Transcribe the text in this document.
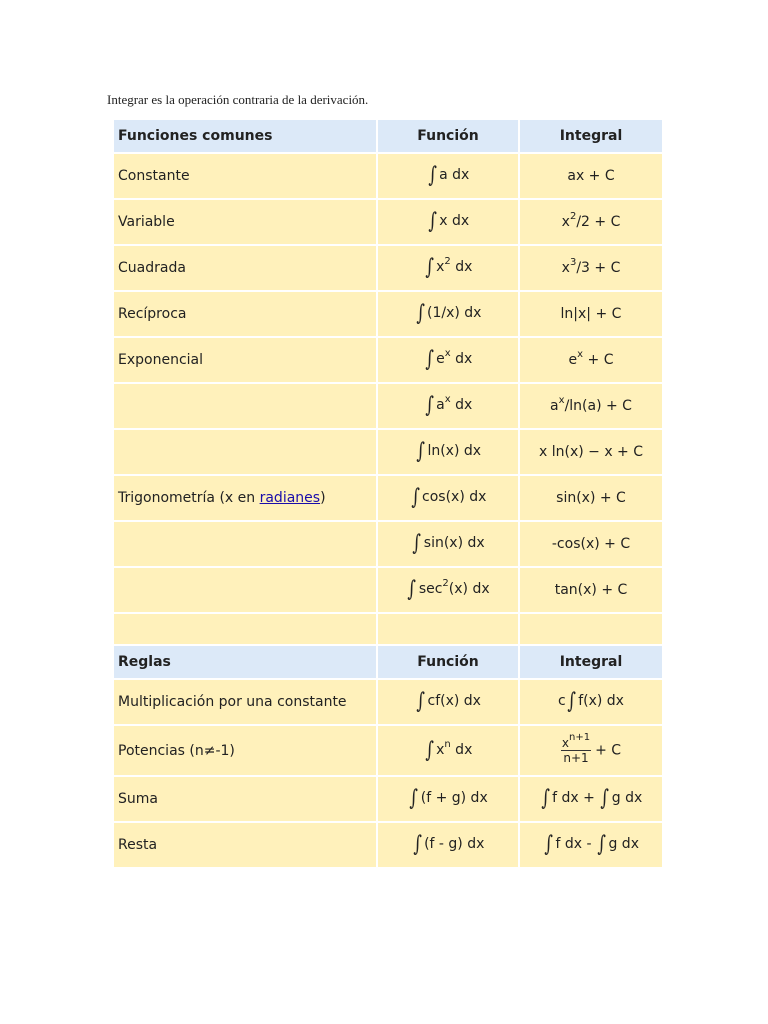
Integrar es la operación contraria de la derivación.
Funciones comunes	Función	Integral
Constante	∫ a dx	ax + C
Variable	∫ x dx	$x^2/2 + C$
Cuadrada	∫ $x^2$ dx	$x^3/3 + C$
Recíproca	∫ (1/x) dx	ln|x| + C
Exponencial	∫ $e^x$ dx	$e^x + C$
	∫ $a^x$ dx	$a^x/\ln(a) + C$
	∫ ln(x) dx	x ln(x) − x + C
Trigonometría (x en radianes)	∫ cos(x) dx	sin(x) + C
	∫ sin(x) dx	-cos(x) + C
	∫ $\sec^2(x)$ dx	tan(x) + C

Reglas	Función	Integral
Multiplicación por una constante	∫ cf(x) dx	c∫ f(x) dx
Potencias (n≠-1)	∫ $x^n$ dx	$\frac{x^{n+1}}{n+1} + C$
Suma	∫ (f + g) dx	∫ f dx + ∫ g dx
Resta	∫ (f - g) dx	∫ f dx - ∫ g dx
